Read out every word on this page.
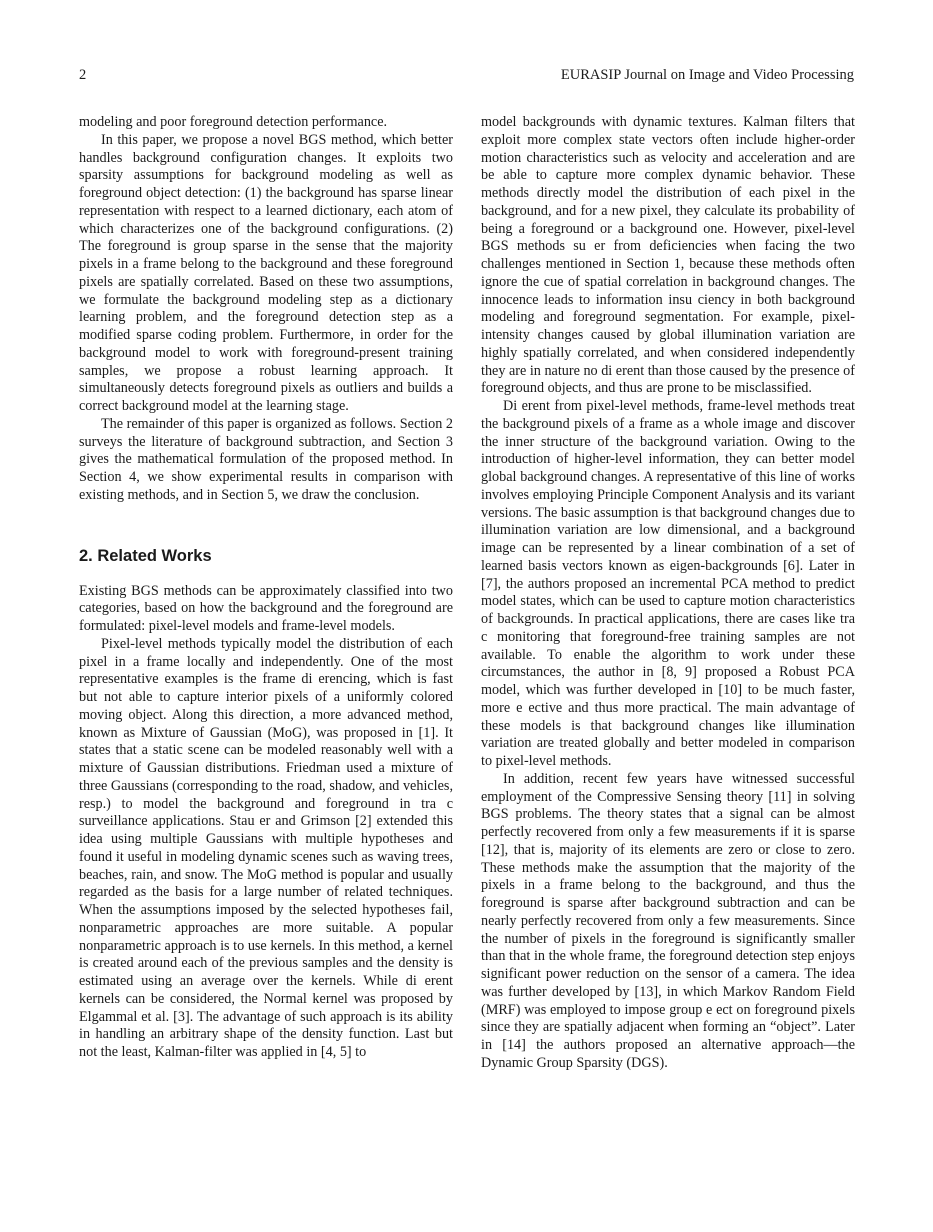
2	EURASIP Journal on Image and Video Processing

modeling and poor foreground detection performance.

In this paper, we propose a novel BGS method, which better handles background configuration changes. It exploits two sparsity assumptions for background modeling as well as foreground object detection: (1) the background has sparse linear representation with respect to a learned dictionary, each atom of which characterizes one of the background configurations. (2) The foreground is group sparse in the sense that the majority pixels in a frame belong to the background and these foreground pixels are spatially correlated. Based on these two assumptions, we formulate the background modeling step as a dictionary learning problem, and the foreground detection step as a modified sparse coding problem. Furthermore, in order for the background model to work with foreground-present training samples, we propose a robust learning approach. It simultaneously detects foreground pixels as outliers and builds a correct background model at the learning stage.

The remainder of this paper is organized as follows. Section 2 surveys the literature of background subtraction, and Section 3 gives the mathematical formulation of the proposed method. In Section 4, we show experimental results in comparison with existing methods, and in Section 5, we draw the conclusion.

2. Related Works

Existing BGS methods can be approximately classified into two categories, based on how the background and the foreground are formulated: pixel-level models and frame-level models.

Pixel-level methods typically model the distribution of each pixel in a frame locally and independently. One of the most representative examples is the frame di erencing, which is fast but not able to capture interior pixels of a uniformly colored moving object. Along this direction, a more advanced method, known as Mixture of Gaussian (MoG), was proposed in [1]. It states that a static scene can be modeled reasonably well with a mixture of Gaussian distributions. Friedman used a mixture of three Gaussians (corresponding to the road, shadow, and vehicles, resp.) to model the background and foreground in tra c surveillance applications. Stau er and Grimson [2] extended this idea using multiple Gaussians with multiple hypotheses and found it useful in modeling dynamic scenes such as waving trees, beaches, rain, and snow. The MoG method is popular and usually regarded as the basis for a large number of related techniques. When the assumptions imposed by the selected hypotheses fail, nonparametric approaches are more suitable. A popular nonparametric approach is to use kernels. In this method, a kernel is created around each of the previous samples and the density is estimated using an average over the kernels. While di erent kernels can be considered, the Normal kernel was proposed by Elgammal et al. [3]. The advantage of such approach is its ability in handling an arbitrary shape of the density function. Last but not the least, Kalman-filter was applied in [4, 5] to

model backgrounds with dynamic textures. Kalman filters that exploit more complex state vectors often include higher-order motion characteristics such as velocity and acceleration and are be able to capture more complex dynamic behavior. These methods directly model the distribution of each pixel in the background, and for a new pixel, they calculate its probability of being a foreground or a background one. However, pixel-level BGS methods su er from deficiencies when facing the two challenges mentioned in Section 1, because these methods often ignore the cue of spatial correlation in background changes. The innocence leads to information insu ciency in both background modeling and foreground segmentation. For example, pixel-intensity changes caused by global illumination variation are highly spatially correlated, and when considered independently they are in nature no di erent than those caused by the presence of foreground objects, and thus are prone to be misclassified.

Di erent from pixel-level methods, frame-level methods treat the background pixels of a frame as a whole image and discover the inner structure of the background variation. Owing to the introduction of higher-level information, they can better model global background changes. A representative of this line of works involves employing Principle Component Analysis and its variant versions. The basic assumption is that background changes due to illumination variation are low dimensional, and a background image can be represented by a linear combination of a set of learned basis vectors known as eigen-backgrounds [6]. Later in [7], the authors proposed an incremental PCA method to predict model states, which can be used to capture motion characteristics of backgrounds. In practical applications, there are cases like tra c monitoring that foreground-free training samples are not available. To enable the algorithm to work under these circumstances, the author in [8, 9] proposed a Robust PCA model, which was further developed in [10] to be much faster, more e ective and thus more practical. The main advantage of these models is that background changes like illumination variation are treated globally and better modeled in comparison to pixel-level methods.

In addition, recent few years have witnessed successful employment of the Compressive Sensing theory [11] in solving BGS problems. The theory states that a signal can be almost perfectly recovered from only a few measurements if it is sparse [12], that is, majority of its elements are zero or close to zero. These methods make the assumption that the majority of the pixels in a frame belong to the background, and thus the foreground is sparse after background subtraction and can be nearly perfectly recovered from only a few measurements. Since the number of pixels in the foreground is significantly smaller than that in the whole frame, the foreground detection step enjoys significant power reduction on the sensor of a camera. The idea was further developed by [13], in which Markov Random Field (MRF) was employed to impose group e ect on foreground pixels since they are spatially adjacent when forming an “object”. Later in [14] the authors proposed an alternative approach—the Dynamic Group Sparsity (DGS).
